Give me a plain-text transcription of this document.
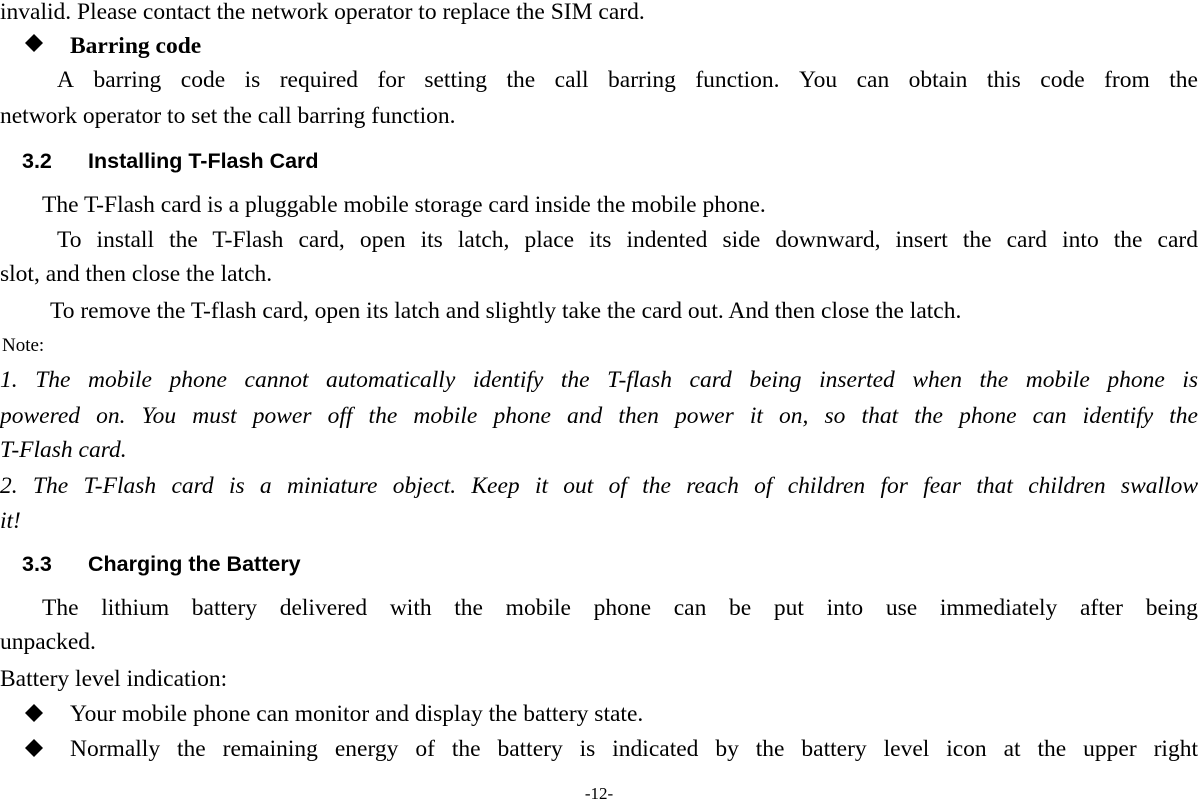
invalid. Please contact the network operator to replace the SIM card.
Barring code
A barring code is required for setting the call barring function. You can obtain this code from the
network operator to set the call barring function.
3.2 Installing T-Flash Card
The T-Flash card is a pluggable mobile storage card inside the mobile phone.
To install the T-Flash card, open its latch, place its indented side downward, insert the card into the card
slot, and then close the latch.
To remove the T-flash card, open its latch and slightly take the card out. And then close the latch.
Note:
1. The mobile phone cannot automatically identify the T-flash card being inserted when the mobile phone is
powered on. You must power off the mobile phone and then power it on, so that the phone can identify the
T-Flash card.
2. The T-Flash card is a miniature object. Keep it out of the reach of children for fear that children swallow
it!
3.3 Charging the Battery
The lithium battery delivered with the mobile phone can be put into use immediately after being
unpacked.
Battery level indication:
Your mobile phone can monitor and display the battery state.
Normally the remaining energy of the battery is indicated by the battery level icon at the upper right
-12-
